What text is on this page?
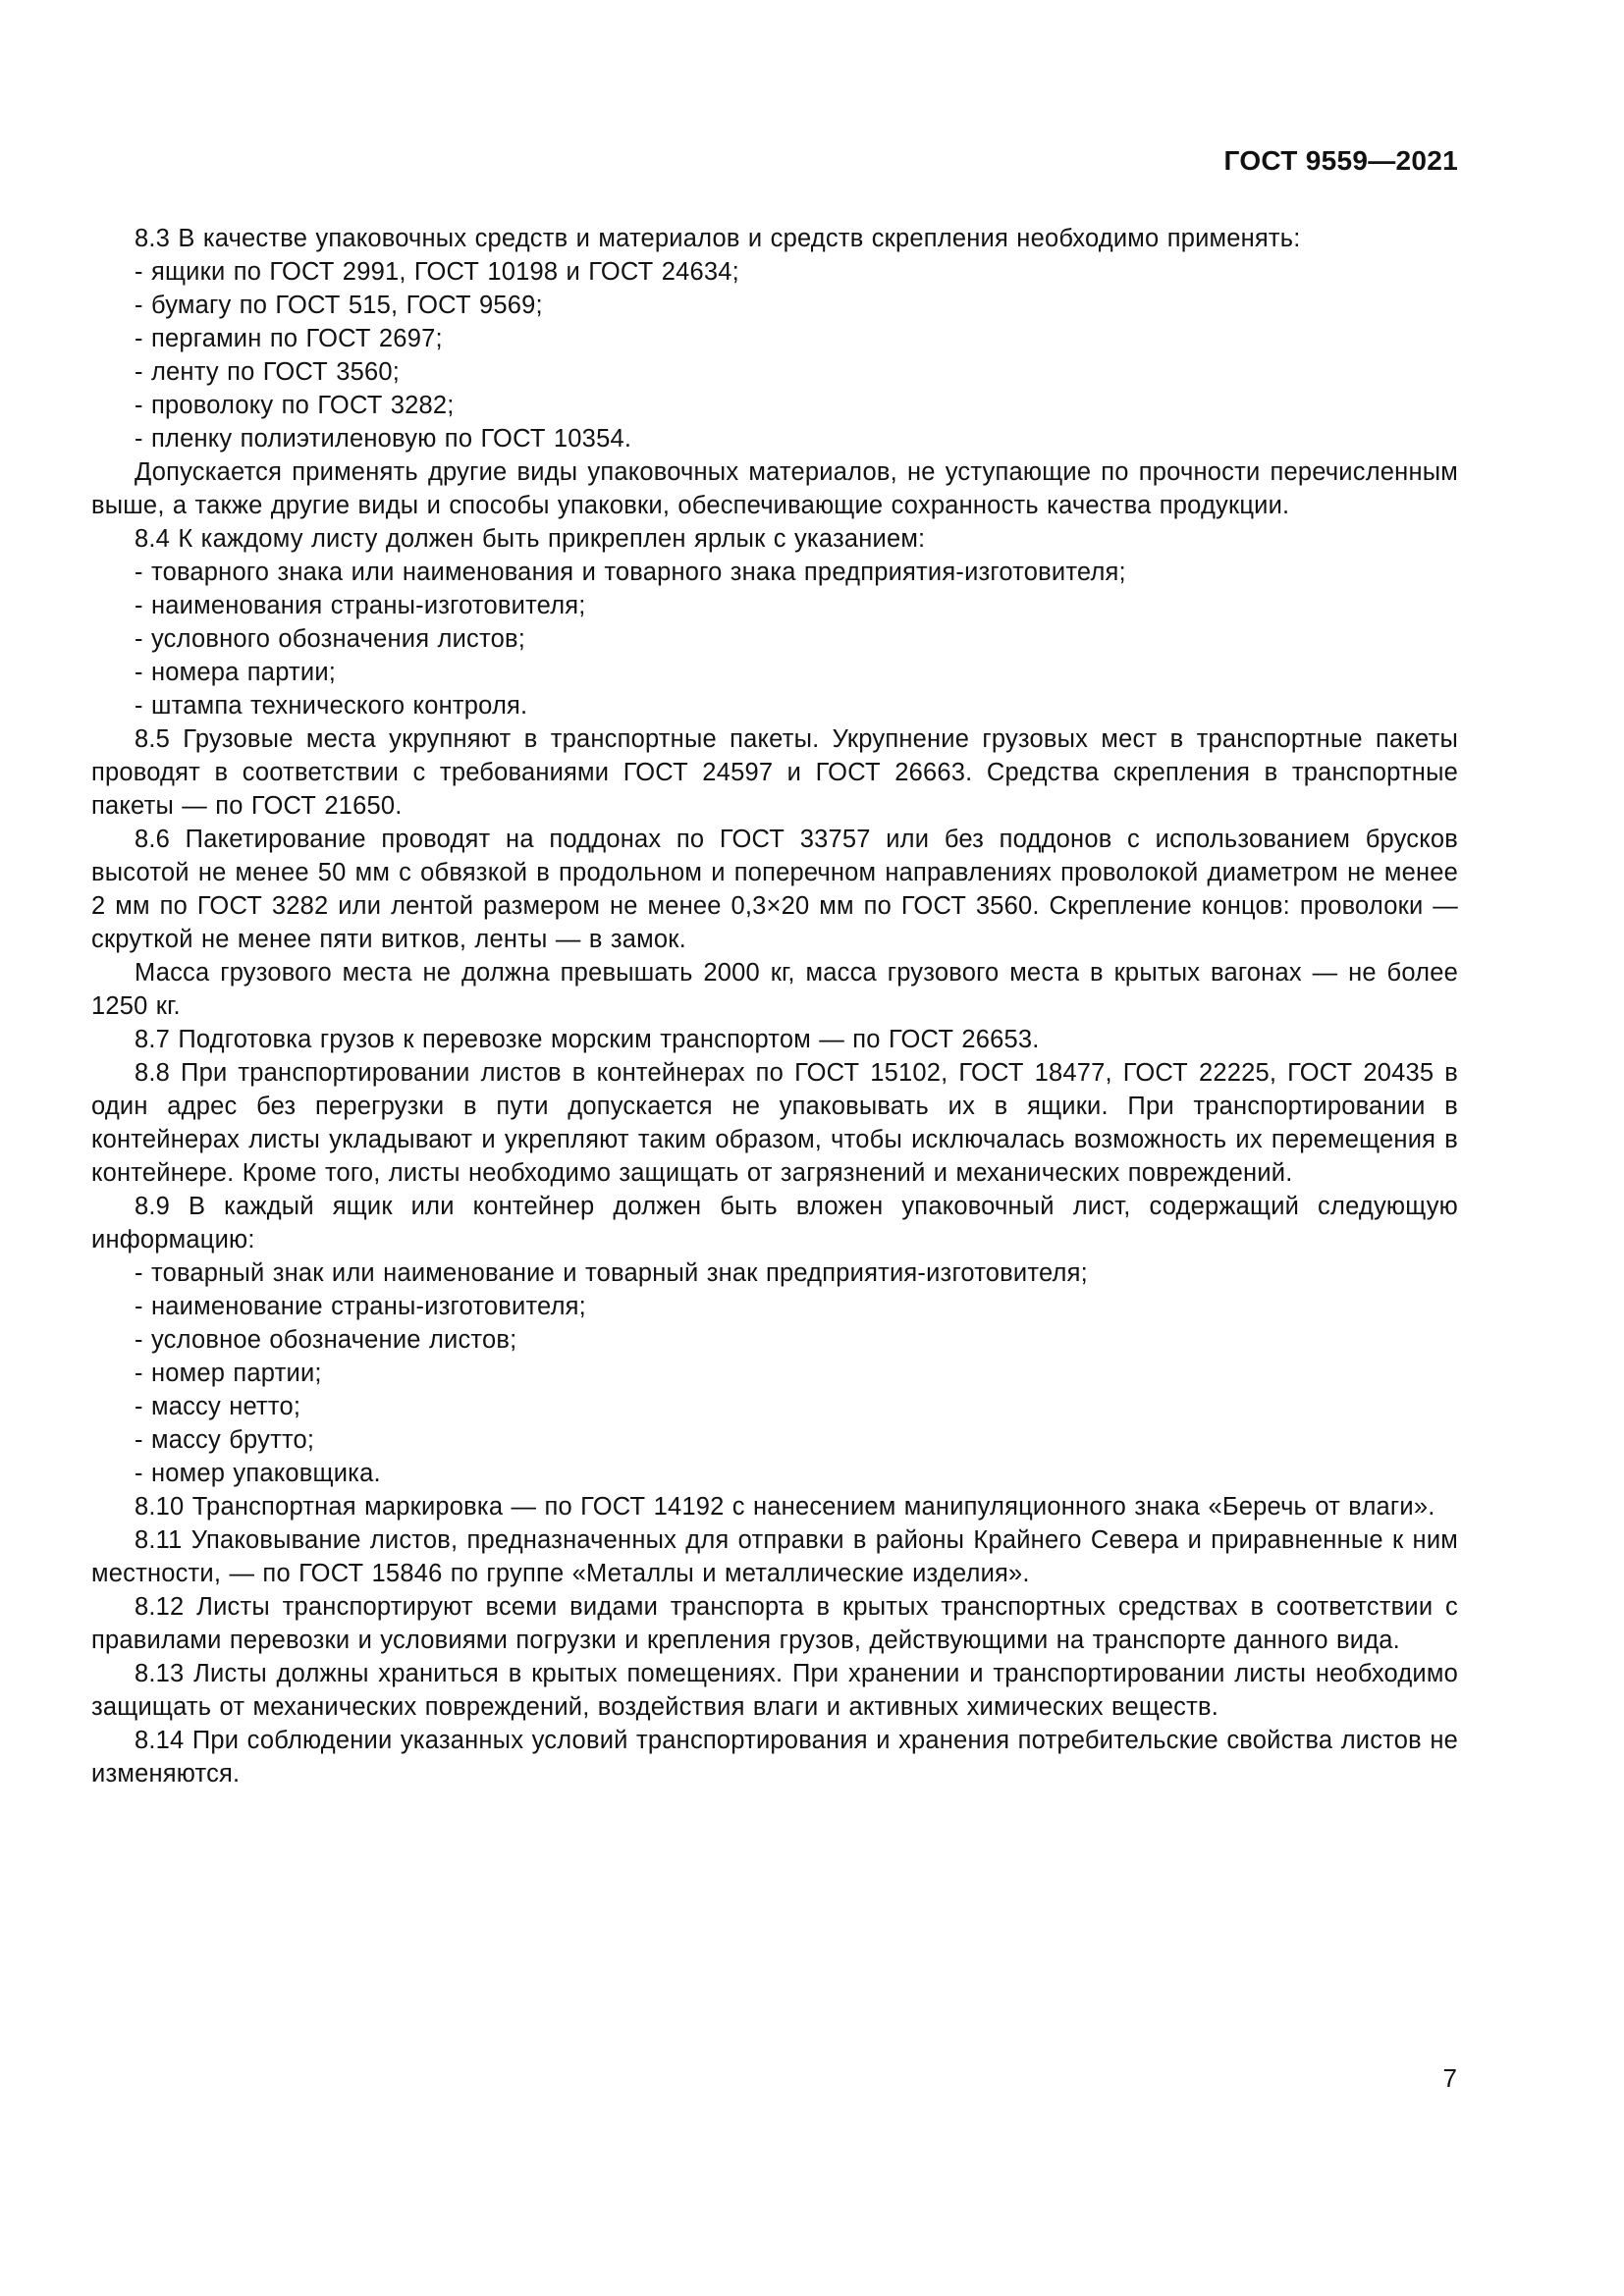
ГОСТ 9559—2021

8.3 В качестве упаковочных средств и материалов и средств скрепления необходимо применять:

- ящики по ГОСТ 2991, ГОСТ 10198 и ГОСТ 24634;

- бумагу по ГОСТ 515, ГОСТ 9569;

- пергамин по ГОСТ 2697;

- ленту по ГОСТ 3560;

- проволоку по ГОСТ 3282;

- пленку полиэтиленовую по ГОСТ 10354.

Допускается применять другие виды упаковочных материалов, не уступающие по прочности перечисленным выше, а также другие виды и способы упаковки, обеспечивающие сохранность качества продукции.

8.4 К каждому листу должен быть прикреплен ярлык с указанием:

- товарного знака или наименования и товарного знака предприятия-изготовителя;

- наименования страны-изготовителя;

- условного обозначения листов;

- номера партии;

- штампа технического контроля.

8.5 Грузовые места укрупняют в транспортные пакеты. Укрупнение грузовых мест в транспортные пакеты проводят в соответствии с требованиями ГОСТ 24597 и ГОСТ 26663. Средства скрепления в транспортные пакеты — по ГОСТ 21650.

8.6 Пакетирование проводят на поддонах по ГОСТ 33757 или без поддонов с использованием брусков высотой не менее 50 мм с обвязкой в продольном и поперечном направлениях проволокой диаметром не менее 2 мм по ГОСТ 3282 или лентой размером не менее 0,3×20 мм по ГОСТ 3560. Скрепление концов: проволоки — скруткой не менее пяти витков, ленты — в замок.

Масса грузового места не должна превышать 2000 кг, масса грузового места в крытых вагонах — не более 1250 кг.

8.7 Подготовка грузов к перевозке морским транспортом — по ГОСТ 26653.

8.8 При транспортировании листов в контейнерах по ГОСТ 15102, ГОСТ 18477, ГОСТ 22225, ГОСТ 20435 в один адрес без перегрузки в пути допускается не упаковывать их в ящики. При транспортировании в контейнерах листы укладывают и укрепляют таким образом, чтобы исключалась возможность их перемещения в контейнере. Кроме того, листы необходимо защищать от загрязнений и механических повреждений.

8.9 В каждый ящик или контейнер должен быть вложен упаковочный лист, содержащий следующую информацию:

- товарный знак или наименование и товарный знак предприятия-изготовителя;

- наименование страны-изготовителя;

- условное обозначение листов;

- номер партии;

- массу нетто;

- массу брутто;

- номер упаковщика.

8.10 Транспортная маркировка — по ГОСТ 14192 с нанесением манипуляционного знака «Беречь от влаги».

8.11 Упаковывание листов, предназначенных для отправки в районы Крайнего Севера и приравненные к ним местности, — по ГОСТ 15846 по группе «Металлы и металлические изделия».

8.12 Листы транспортируют всеми видами транспорта в крытых транспортных средствах в соответствии с правилами перевозки и условиями погрузки и крепления грузов, действующими на транспорте данного вида.

8.13 Листы должны храниться в крытых помещениях. При хранении и транспортировании листы необходимо защищать от механических повреждений, воздействия влаги и активных химических веществ.

8.14 При соблюдении указанных условий транспортирования и хранения потребительские свойства листов не изменяются.

7
